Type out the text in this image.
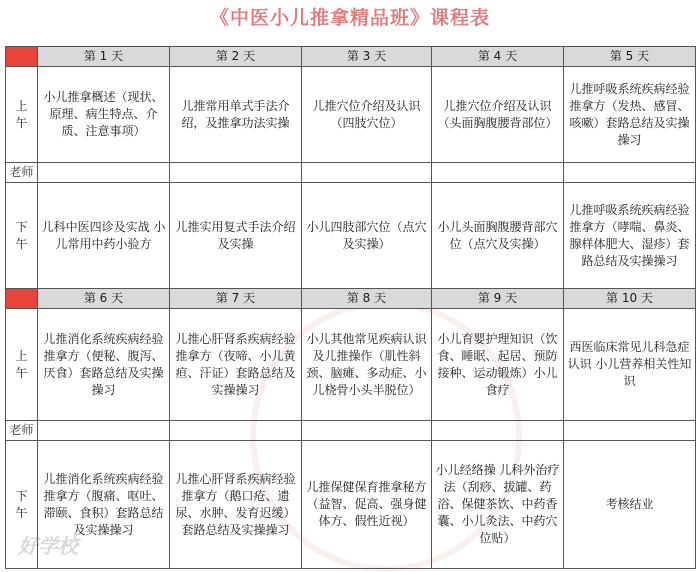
《中医小儿推拿精品班》课程表
好学校
	第 1 天	第 2 天	第 3 天	第 4 天	第 5 天
上
午	小儿推拿概述（现状、原理、病生特点、介质、注意事项）	儿推常用单式手法介绍，及推拿功法实操	儿推穴位介绍及认识（四肢穴位）	儿推穴位介绍及认识（头面胸腹腰背部位）	儿推呼吸系统疾病经验推拿方（发热、感冒、咳嗽）套路总结及实操操习

老师					
下
午	儿科中医四诊及实战 小儿常用中药小验方	儿推实用复式手法介绍及实操	小儿四肢部穴位（点穴及实操）	小儿头面胸腹腰背部穴位（点穴及实操）	儿推呼吸系统疾病经验推拿方（哮喘、鼻炎、腺样体肥大、湿疹）套路总结及实操操习

	第 6 天	第 7 天	第 8 天	第 9 天	第 10 天
上
午	儿推消化系统疾病经验推拿方（便秘、腹泻、厌食）套路总结及实操操习	儿推心肝肾系疾病经验推拿方（夜啼、小儿黄疸、汗证）套路总结及实操操习	小儿其他常见疾病认识及儿推操作（肌性斜颈、脑瘫、多动症、小儿桡骨小头半脱位）	小儿育婴护理知识（饮食、睡眠、起居、预防接种、运动锻炼）小儿食疗	西医临床常见儿科急症认识 小儿营养相关性知识

老师					
下
午	儿推消化系统疾病经验推拿方（腹痛、呕吐、滞颐、食积）套路总结及实操操习	儿推心肝肾系疾病经验推拿方（鹅口疮、遗尿、水肿、发育迟缓）套路总结及实操操习	儿推保健保育推拿秘方（益智、促高、强身健体方、假性近视）	小儿经络操 儿科外治疗法（刮痧、拔罐、药浴、保健茶饮、中药香囊、小儿灸法、中药穴位贴）	考核结业
